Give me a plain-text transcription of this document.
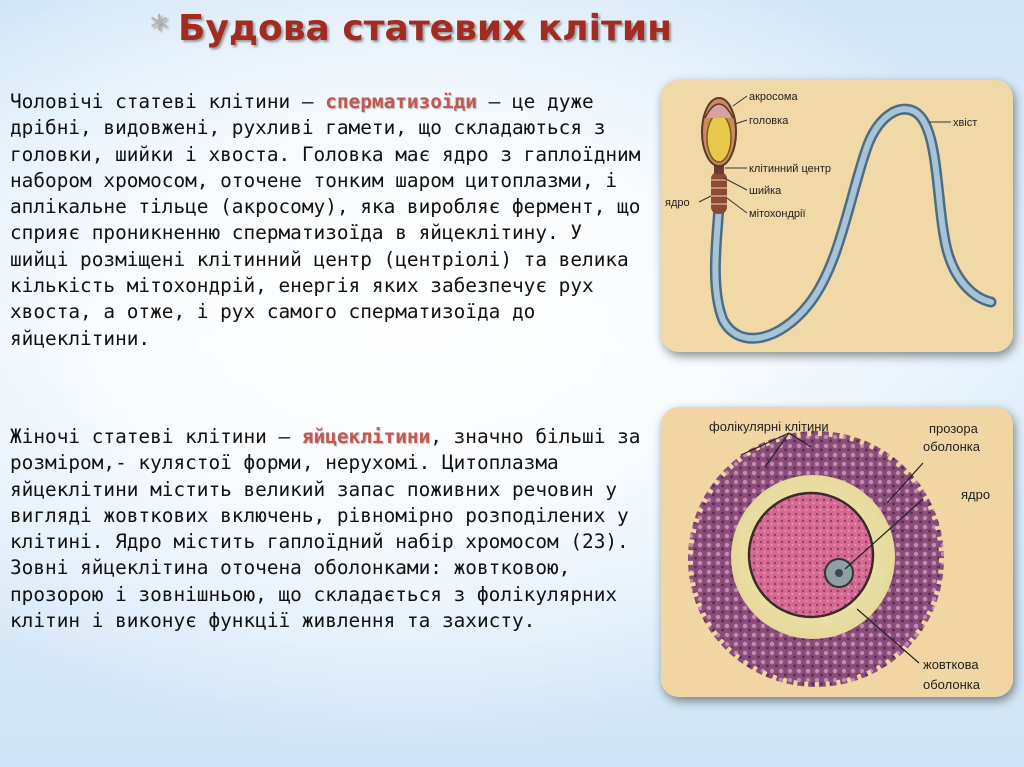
* Будова статевих клітин

Чоловічі статеві клітини – сперматизоїди – це дуже дрібні, видовжені, рухливі гамети, що складаються з головки, шийки і хвоста. Головка має ядро з гаплоїдним набором хромосом, оточене тонким шаром цитоплазми, і аплікальне тільце (акросому), яка виробляє фермент, що сприяє проникненню сперматизоїда в яйцеклітину. У шийці розміщені клітинний центр (центріолі) та велика кількість мітохондрій, енергія яких забезпечує рух хвоста, а отже, і рух самого сперматизоїда до яйцеклітини.

Жіночі статеві клітини – яйцеклітини, значно більші за розміром,- кулястої форми, нерухомі. Цитоплазма яйцеклітини містить великий запас поживних речовин у вигляді жовткових включень, рівномірно розподілених у клітині. Ядро містить гаплоїдний набір хромосом (23). Зовні яйцеклітина оточена оболонками: жовтковою, прозорою і зовнішньою, що складається з фолікулярних клітин і виконує функції живлення та захисту.

акросома
головка	хвіст
клітинний центр
ядро
шийка
мітохондрії
фолікулярні клітини	прозора
оболонка
ядро
жовткова
оболонка
